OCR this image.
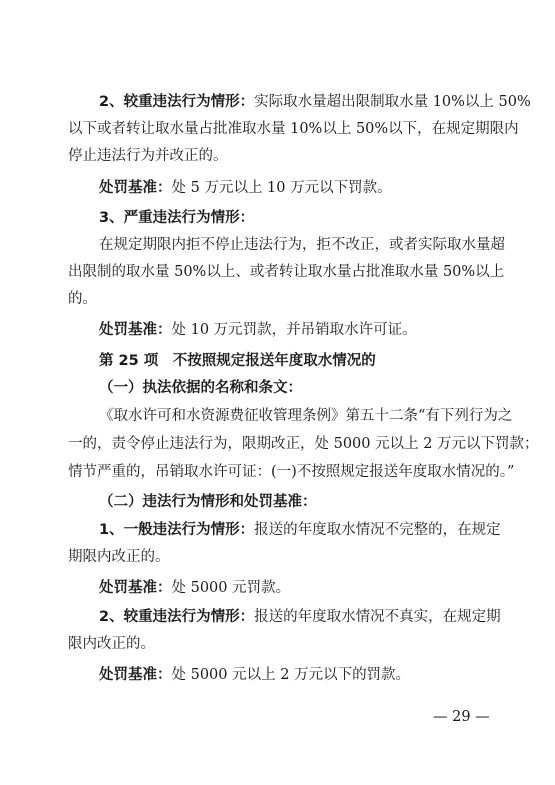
2、较重违法行为情形：实际取水量超出限制取水量 10%以上 50%
以下或者转让取水量占批准取水量 10%以上 50%以下，在规定期限内
停止违法行为并改正的。
处罚基准：处 5 万元以上 10 万元以下罚款。
3、严重违法行为情形：
在规定期限内拒不停止违法行为，拒不改正，或者实际取水量超
出限制的取水量 50%以上、或者转让取水量占批准取水量 50%以上
的。
处罚基准：处 10 万元罚款，并吊销取水许可证。
第 25 项　不按照规定报送年度取水情况的
（一）执法依据的名称和条文：
《取水许可和水资源费征收管理条例》第五十二条“有下列行为之
一的，责令停止违法行为，限期改正，处 5000 元以上 2 万元以下罚款；
情节严重的，吊销取水许可证：(一)不按照规定报送年度取水情况的。”
（二）违法行为情形和处罚基准：
1、一般违法行为情形：报送的年度取水情况不完整的，在规定
期限内改正的。
处罚基准：处 5000 元罚款。
2、较重违法行为情形：报送的年度取水情况不真实，在规定期
限内改正的。
处罚基准：处 5000 元以上 2 万元以下的罚款。
— 29 —
